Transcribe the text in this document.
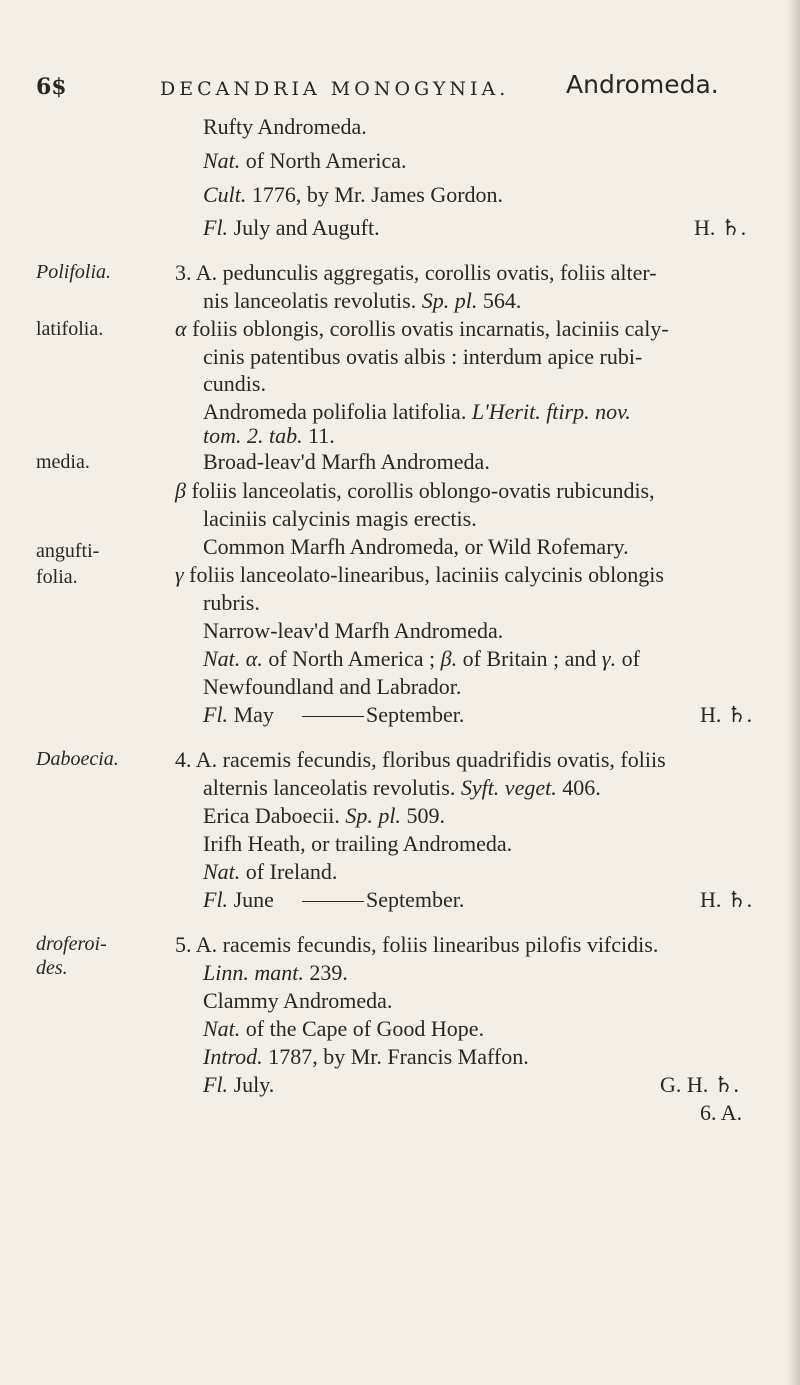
6$	DECANDRIA MONOGYNIA. Andromeda.
Rufty Andromeda.
Nat. of North America.
Cult. 1776, by Mr. James Gordon.
Fl. July and Auguft.	H. ♄.
Polifolia.
latifolia.
media.
angufti-
folia.
3. A. pedunculis aggregatis, corollis ovatis, foliis alter-
nis lanceolatis revolutis. Sp. pl. 564.
α foliis oblongis, corollis ovatis incarnatis, laciniis caly-
cinis patentibus ovatis albis : interdum apice rubi-
cundis.
Andromeda polifolia latifolia. L'Herit. ftirp. nov.
tom. 2. tab. 11.
Broad-leav'd Marfh Andromeda.
β foliis lanceolatis, corollis oblongo-ovatis rubicundis,
laciniis calycinis magis erectis.
Common Marfh Andromeda, or Wild Rofemary.
γ foliis lanceolato-linearibus, laciniis calycinis oblongis
rubris.
Narrow-leav'd Marfh Andromeda.
Nat. α. of North America ; β. of Britain ; and γ. of
Newfoundland and Labrador.
Fl. May	September.	H. ♄.
Daboecia.	4. A. racemis fecundis, floribus quadrifidis ovatis, foliis
alternis lanceolatis revolutis. Syft. veget. 406.
Erica Daboecii. Sp. pl. 509.
Irifh Heath, or trailing Andromeda.
Nat. of Ireland.
Fl. June	September.	H. ♄.
droferoi-
des.
5. A. racemis fecundis, foliis linearibus pilofis vifcidis.
Linn. mant. 239.
Clammy Andromeda.
Nat. of the Cape of Good Hope.
Introd. 1787, by Mr. Francis Maffon.
Fl. July.	G. H. ♄.
6. A.
